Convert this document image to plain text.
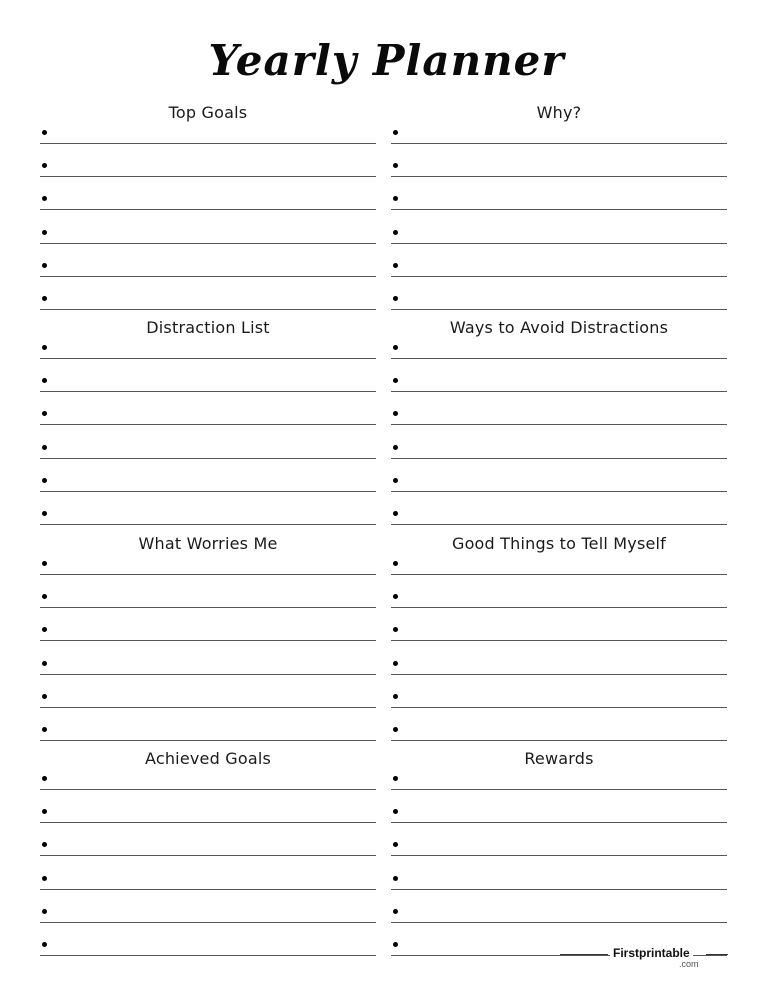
Yearly Planner
Top Goals
Distraction List
What Worries Me
Achieved Goals
Why?
Ways to Avoid Distractions
Good Things to Tell Myself
Rewards
Firstprintable
.com
